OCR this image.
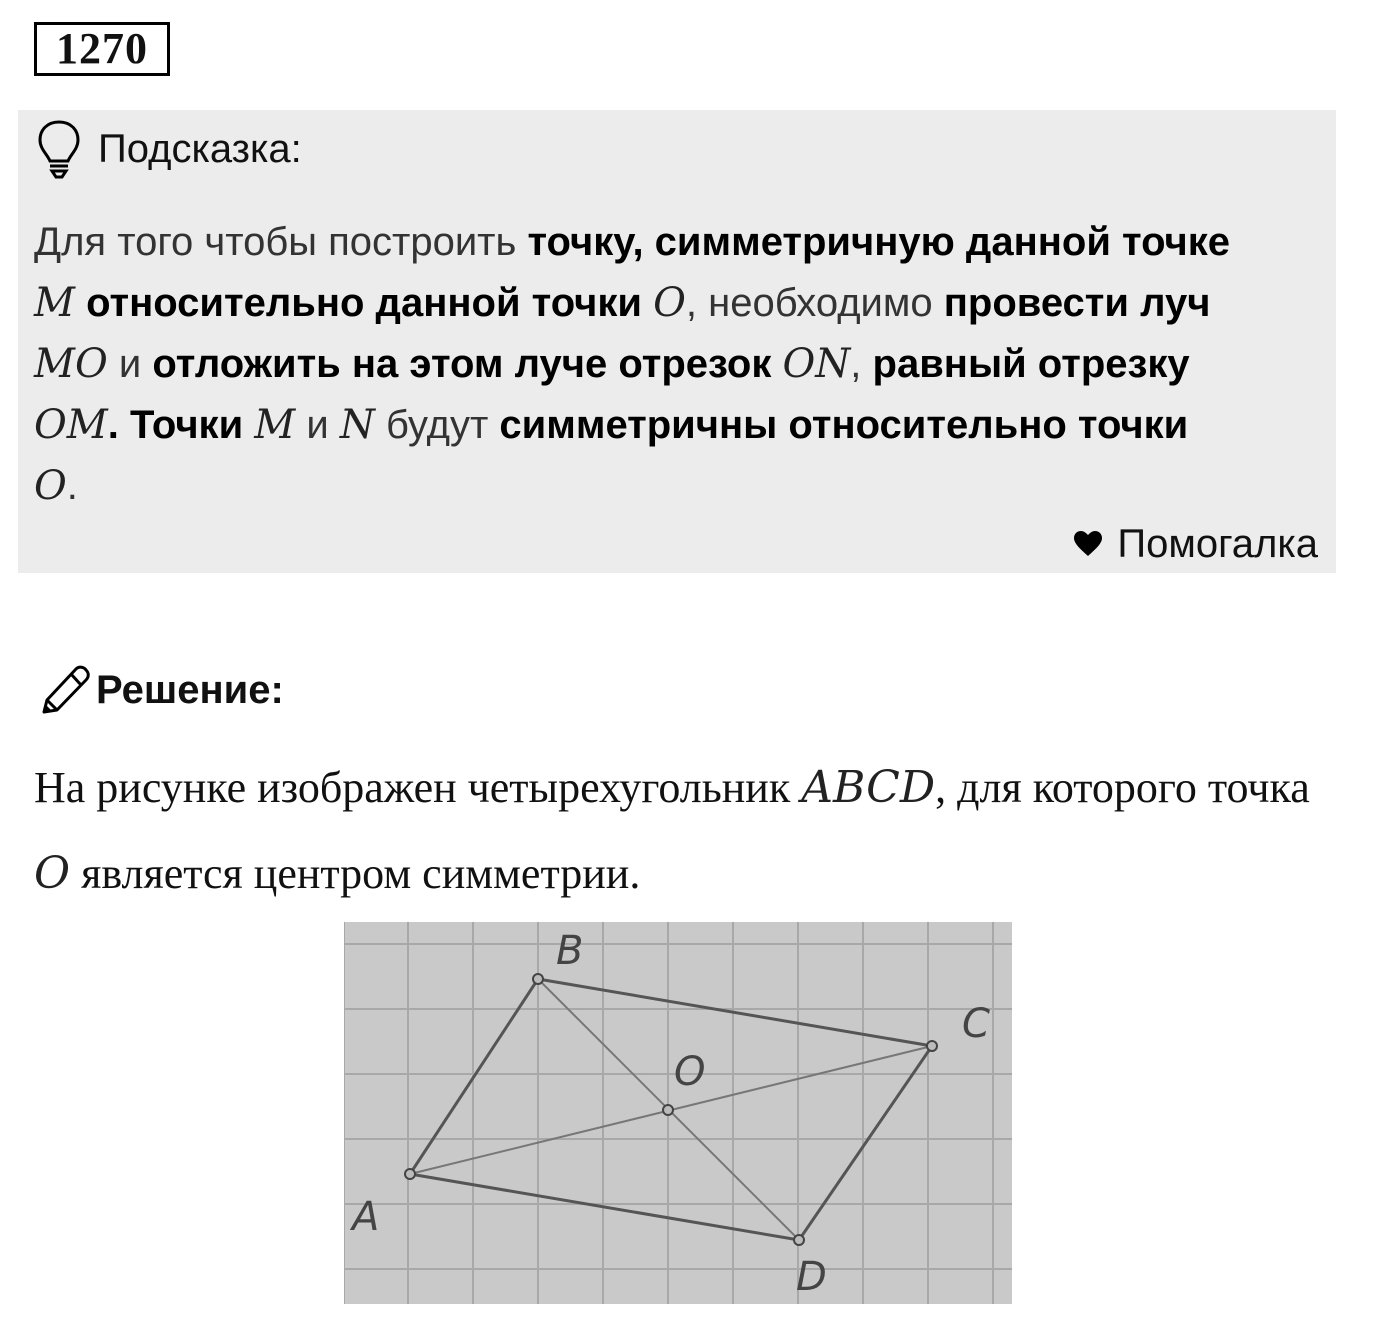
1270
Подсказка:
Для того чтобы построить точку, симметричную данной точке M относительно данной точки O, необходимо провести луч MO и отложить на этом луче отрезок ON, равный отрезку OM. Точки M и N будут симметричны относительно точки O.
Помогалка
Решение:
На рисунке изображен четырехугольник ABCD, для которого точка O является центром симметрии.
A
B
C
D
O
